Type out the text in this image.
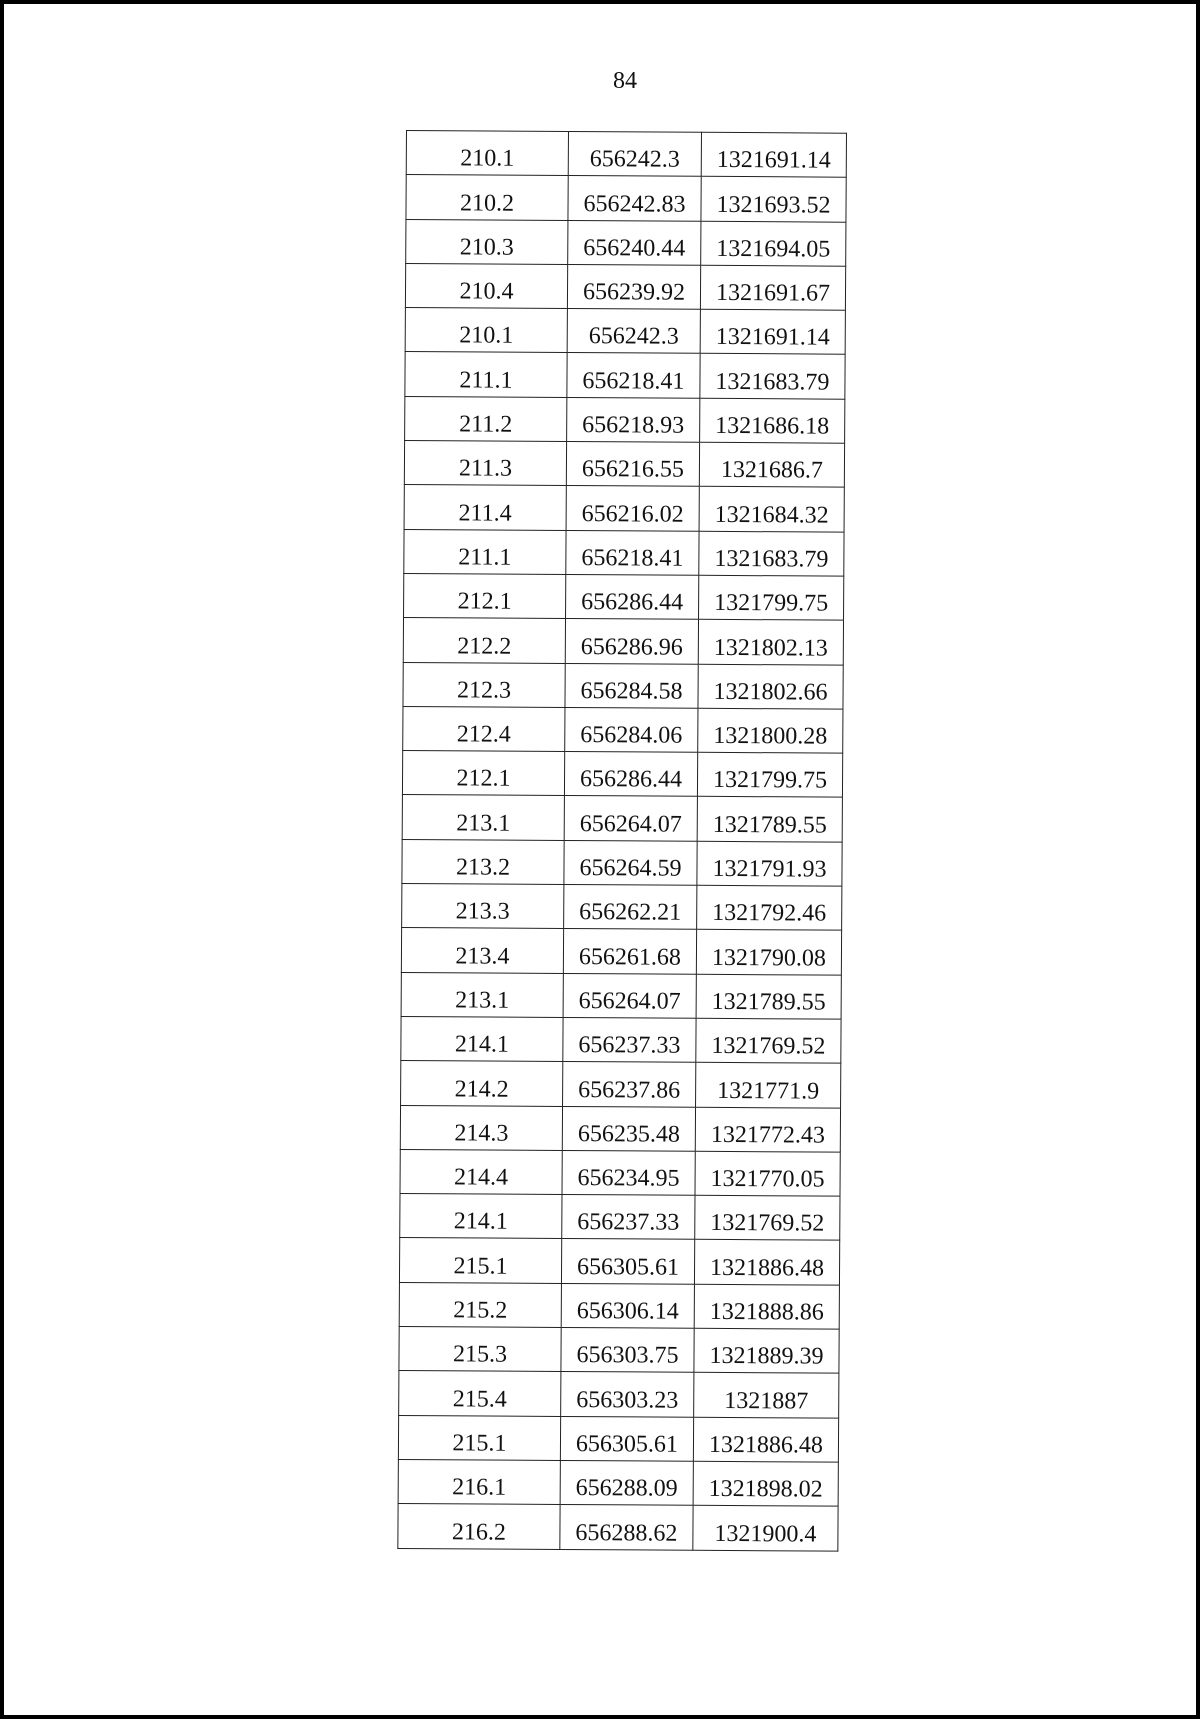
84
210.1	656242.3	1321691.14
210.2	656242.83	1321693.52
210.3	656240.44	1321694.05
210.4	656239.92	1321691.67
210.1	656242.3	1321691.14
211.1	656218.41	1321683.79
211.2	656218.93	1321686.18
211.3	656216.55	1321686.7
211.4	656216.02	1321684.32
211.1	656218.41	1321683.79
212.1	656286.44	1321799.75
212.2	656286.96	1321802.13
212.3	656284.58	1321802.66
212.4	656284.06	1321800.28
212.1	656286.44	1321799.75
213.1	656264.07	1321789.55
213.2	656264.59	1321791.93
213.3	656262.21	1321792.46
213.4	656261.68	1321790.08
213.1	656264.07	1321789.55
214.1	656237.33	1321769.52
214.2	656237.86	1321771.9
214.3	656235.48	1321772.43
214.4	656234.95	1321770.05
214.1	656237.33	1321769.52
215.1	656305.61	1321886.48
215.2	656306.14	1321888.86
215.3	656303.75	1321889.39
215.4	656303.23	1321887
215.1	656305.61	1321886.48
216.1	656288.09	1321898.02
216.2	656288.62	1321900.4
